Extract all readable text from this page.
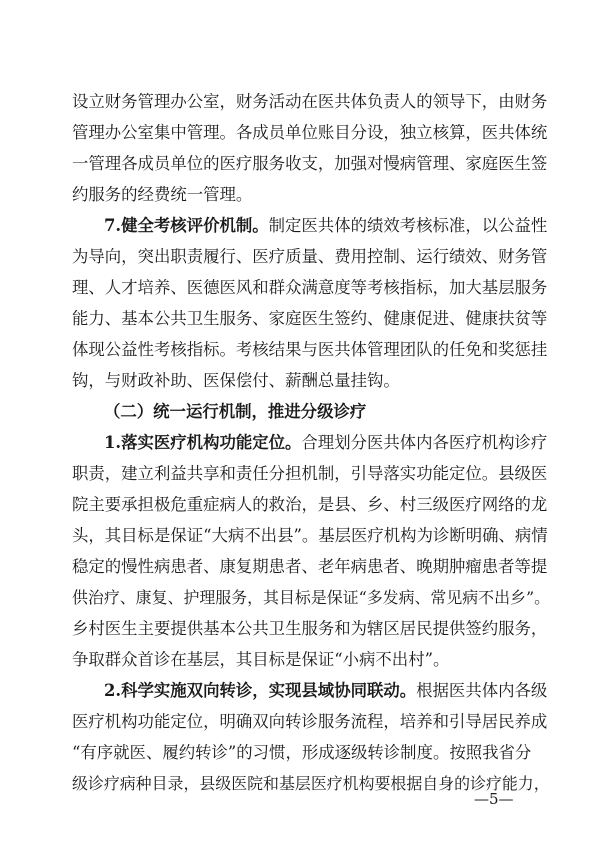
设立财务管理办公室，财务活动在医共体负责人的领导下，由财务
管理办公室集中管理。各成员单位账目分设，独立核算，医共体统
一管理各成员单位的医疗服务收支，加强对慢病管理、家庭医生签
约服务的经费统一管理。
7.健全考核评价机制。制定医共体的绩效考核标准，以公益性
为导向，突出职责履行、医疗质量、费用控制、运行绩效、财务管
理、人才培养、医德医风和群众满意度等考核指标，加大基层服务
能力、基本公共卫生服务、家庭医生签约、健康促进、健康扶贫等
体现公益性考核指标。考核结果与医共体管理团队的任免和奖惩挂
钩，与财政补助、医保偿付、薪酬总量挂钩。
（二）统一运行机制，推进分级诊疗
1.落实医疗机构功能定位。合理划分医共体内各医疗机构诊疗
职责，建立利益共享和责任分担机制，引导落实功能定位。县级医
院主要承担极危重症病人的救治，是县、乡、村三级医疗网络的龙
头，其目标是保证“大病不出县”。基层医疗机构为诊断明确、病情
稳定的慢性病患者、康复期患者、老年病患者、晚期肿瘤患者等提
供治疗、康复、护理服务，其目标是保证“多发病、常见病不出乡”。
乡村医生主要提供基本公共卫生服务和为辖区居民提供签约服务，
争取群众首诊在基层，其目标是保证“小病不出村”。
2.科学实施双向转诊，实现县域协同联动。根据医共体内各级
医疗机构功能定位，明确双向转诊服务流程，培养和引导居民养成
“有序就医、履约转诊”的习惯，形成逐级转诊制度。按照我省分
级诊疗病种目录，县级医院和基层医疗机构要根据自身的诊疗能力，
—5—
